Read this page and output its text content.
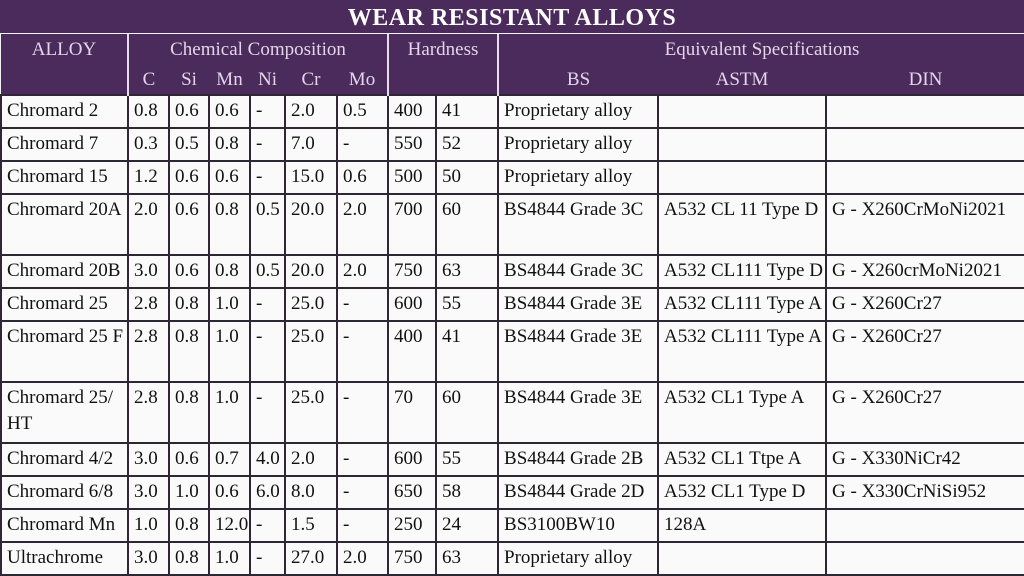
WEAR RESISTANT ALLOYS
ALLOY	Chemical Composition						Hardness		Equivalent Specifications		
	C	Si	Mn	Ni	Cr	Mo			BS	ASTM	DIN
Chromard 2	0.8	0.6	0.6	-	2.0	0.5	400	41	Proprietary alloy		
Chromard 7	0.3	0.5	0.8	-	7.0	-	550	52	Proprietary alloy		
Chromard 15	1.2	0.6	0.6	-	15.0	0.6	500	50	Proprietary alloy		
Chromard 20A	2.0	0.6	0.8	0.5	20.0	2.0	700	60	BS4844 Grade 3C	A532 CL 11 Type D	G - X260CrMoNi2021
Chromard 20B	3.0	0.6	0.8	0.5	20.0	2.0	750	63	BS4844 Grade 3C	A532 CL111 Type D	G - X260crMoNi2021
Chromard 25	2.8	0.8	1.0	-	25.0	-	600	55	BS4844 Grade 3E	A532 CL111 Type A	G - X260Cr27
Chromard 25 F	2.8	0.8	1.0	-	25.0	-	400	41	BS4844 Grade 3E	A532 CL111 Type A	G - X260Cr27
Chromard 25/ HT	2.8	0.8	1.0	-	25.0	-	70	60	BS4844 Grade 3E	A532 CL1 Type A	G - X260Cr27
Chromard 4/2	3.0	0.6	0.7	4.0	2.0	-	600	55	BS4844 Grade 2B	A532 CL1 Ttpe A	G - X330NiCr42
Chromard 6/8	3.0	1.0	0.6	6.0	8.0	-	650	58	BS4844 Grade 2D	A532 CL1 Type D	G - X330CrNiSi952
Chromard Mn	1.0	0.8	12.0	-	1.5	-	250	24	BS3100BW10	128A	
Ultrachrome	3.0	0.8	1.0	-	27.0	2.0	750	63	Proprietary alloy		
